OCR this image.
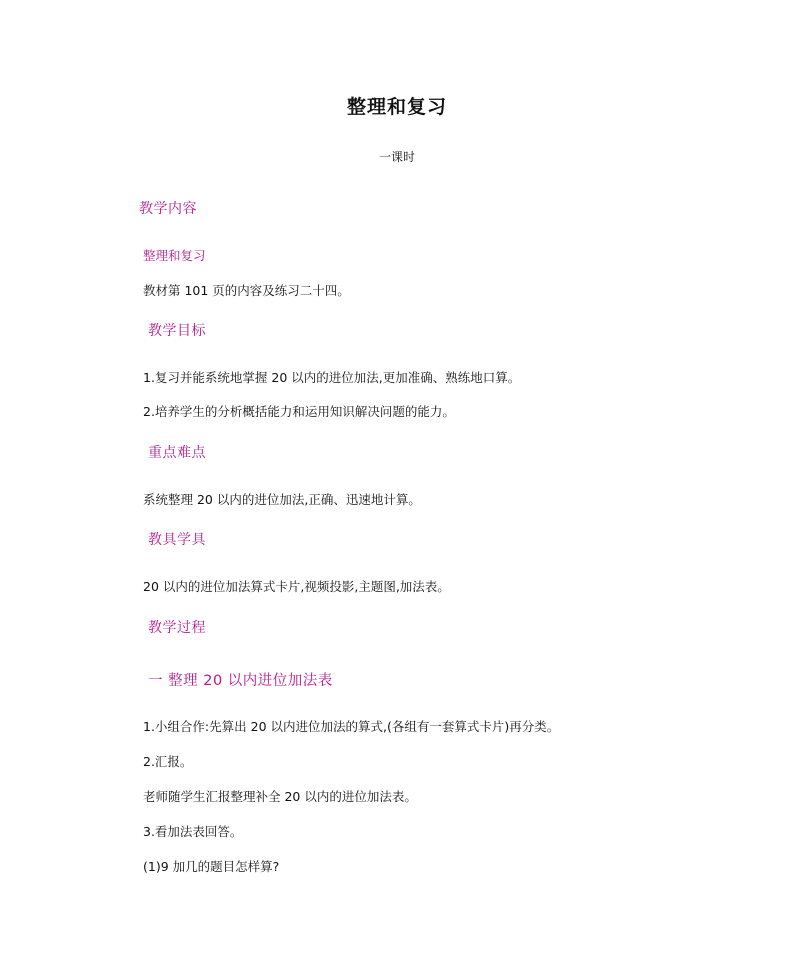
整理和复习
一课时
教学内容
整理和复习
教材第 101 页的内容及练习二十四。
教学目标
1.复习并能系统地掌握 20 以内的进位加法,更加准确、熟练地口算。
2.培养学生的分析概括能力和运用知识解决问题的能力。
重点难点
系统整理 20 以内的进位加法,正确、迅速地计算。
教具学具
20 以内的进位加法算式卡片,视频投影,主题图,加法表。
教学过程
一 整理 20 以内进位加法表
1.小组合作:先算出 20 以内进位加法的算式,(各组有一套算式卡片)再分类。
2.汇报。
老师随学生汇报整理补全 20 以内的进位加法表。
3.看加法表回答。
(1)9 加几的题目怎样算?
